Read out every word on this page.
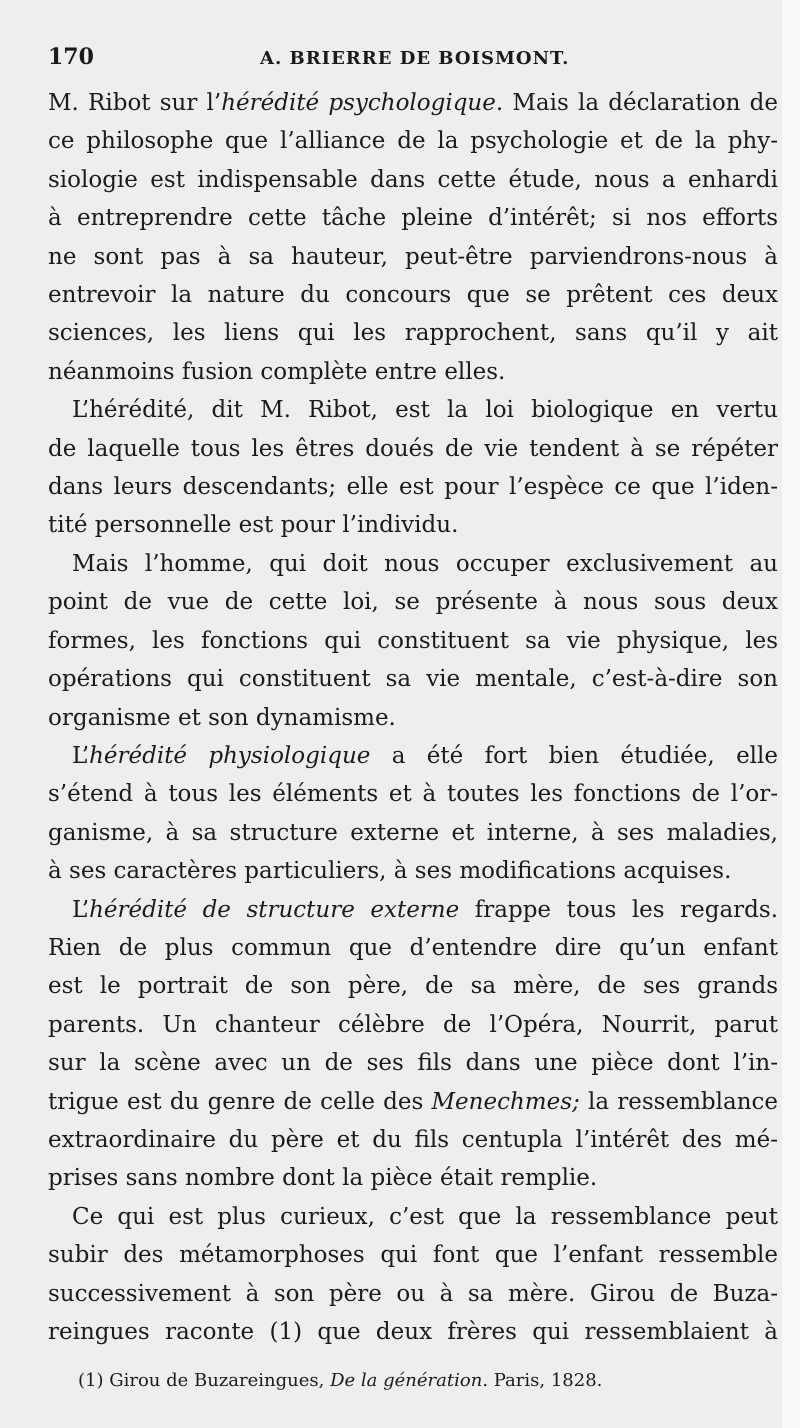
170	A. BRIERRE DE BOISMONT.
M. Ribot sur l’hérédité psychologique. Mais la déclaration de
ce philosophe que l’alliance de la psychologie et de la phy-
siologie est indispensable dans cette étude, nous a enhardi
à entreprendre cette tâche pleine d’intérêt; si nos efforts
ne sont pas à sa hauteur, peut-être parviendrons-nous à
entrevoir la nature du concours que se prêtent ces deux
sciences, les liens qui les rapprochent, sans qu’il y ait
néanmoins fusion complète entre elles.
L’hérédité, dit M. Ribot, est la loi biologique en vertu
de laquelle tous les êtres doués de vie tendent à se répéter
dans leurs descendants; elle est pour l’espèce ce que l’iden-
tité personnelle est pour l’individu.
Mais l’homme, qui doit nous occuper exclusivement au
point de vue de cette loi, se présente à nous sous deux
formes, les fonctions qui constituent sa vie physique, les
opérations qui constituent sa vie mentale, c’est-à-dire son
organisme et son dynamisme.
L’hérédité physiologique a été fort bien étudiée, elle
s’étend à tous les éléments et à toutes les fonctions de l’or-
ganisme, à sa structure externe et interne, à ses maladies,
à ses caractères particuliers, à ses modifications acquises.
L’hérédité de structure externe frappe tous les regards.
Rien de plus commun que d’entendre dire qu’un enfant
est le portrait de son père, de sa mère, de ses grands
parents. Un chanteur célèbre de l’Opéra, Nourrit, parut
sur la scène avec un de ses fils dans une pièce dont l’in-
trigue est du genre de celle des Menechmes; la ressemblance
extraordinaire du père et du fils centupla l’intérêt des mé-
prises sans nombre dont la pièce était remplie.
Ce qui est plus curieux, c’est que la ressemblance peut
subir des métamorphoses qui font que l’enfant ressemble
successivement à son père ou à sa mère. Girou de Buza-
reingues raconte (1) que deux frères qui ressemblaient à
(1) Girou de Buzareingues, De la génération. Paris, 1828.
